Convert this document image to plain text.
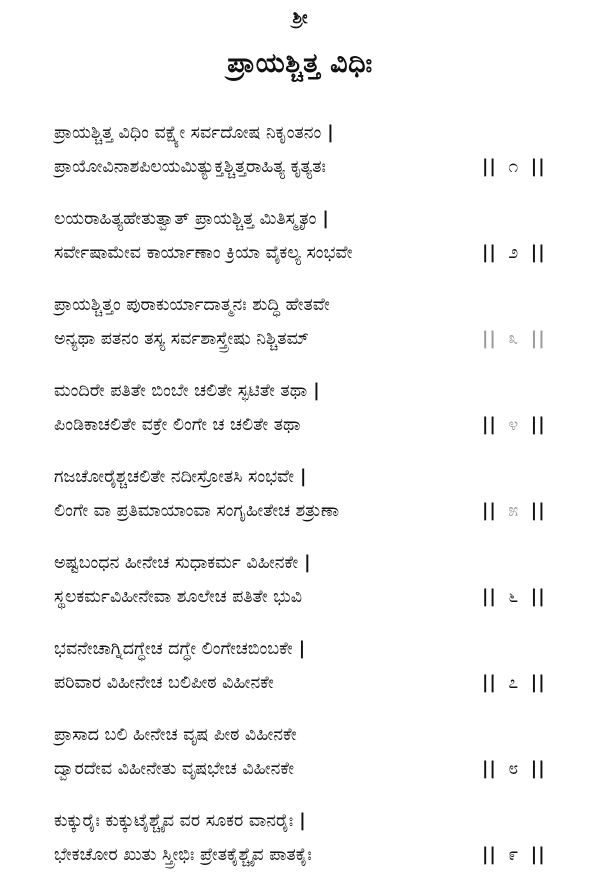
ಶ್ರೀ
ಪ್ರಾಯಶ್ಚಿತ್ತ ವಿಧಿಃ
ಪ್ರಾಯಶ್ಚಿತ್ತ ವಿಧಿಂ ವಕ್ಷ್ಯೇ ಸರ್ವದೋಷ ನಿಕೃಂತನಂ |
ಪ್ರಾಯೋವಿನಾಶಪಿಲಯಮಿತ್ಯುಕ್ತಶ್ಚಿತ್ತರಾಹಿತ್ಯ ಕೃತ್ಯತಃ	|| ೧ ||
ಲಯರಾಹಿತ್ಯಹೇತುತ್ವಾತ್ ಪ್ರಾಯಶ್ಚಿತ್ತ ಮಿತಿಸ್ಮೃತಂ |
ಸರ್ವೇಷಾಮೇವ ಕಾರ್ಯಾಣಾಂ ಕ್ರಿಯಾ ವೈಕಲ್ಯ ಸಂಭವೇ	|| ೨ ||
ಪ್ರಾಯಶ್ಚಿತ್ತಂ ಪುರಾಕುರ್ಯಾದಾತ್ಮನಃ ಶುದ್ಧಿ ಹೇತವೇ
ಅನ್ಯಥಾ ಪತನಂ ತಸ್ಯ ಸರ್ವಶಾಸ್ತ್ರೇಷು ನಿಶ್ಚಿತಮ್	|| ೩ ||
ಮಂದಿರೇ ಪತಿತೇ ಬಿಂಬೇ ಚಲಿತೇ ಸ್ಫಟಿತೇ ತಥಾ |
ಪಿಂಡಿಕಾಚಲಿತೇ ವಕ್ರೇ ಲಿಂಗೇ ಚ ಚಲಿತೇ ತಥಾ	|| ೪ ||
ಗಜಚೋರೈಶ್ಚಚಲಿತೇ ನದೀಸ್ರೋತಸಿ ಸಂಭವೇ |
ಲಿಂಗೇ ವಾ ಪ್ರತಿಮಾಯಾಂವಾ ಸಂಗೃಹೀತೇಚ ಶತ್ರುಣಾ	|| ೫ ||
ಅಷ್ಟಬಂಧನ ಹೀನೇಚ ಸುಧಾಕರ್ಮ ವಿಹೀನಕೇ |
ಸ್ಥಲಕರ್ಮವಿಹೀನೇವಾ ಶೂಲೇಚ ಪತಿತೇ ಭುವಿ	|| ೬ ||
ಭವನೇಚಾಗ್ನಿದಗ್ಧೇಚ ದಗ್ಧೇ ಲಿಂಗೇಚಬಿಂಬಕೇ |
ಪರಿವಾರ ವಿಹೀನೇಚ ಬಲಿಪೀಠ ವಿಹೀನಕೇ	|| ೭ ||
ಪ್ರಾಸಾದ ಬಲಿ ಹೀನೇಚ ವೃಷ ಪೀಠ ವಿಹೀನಕೇ
ದ್ವಾರದೇವ ವಿಹೀನೇತು ವೃಷಭೇಚ ವಿಹೀನಕೇ	|| ೮ ||
ಕುಕ್ಕುರೈಃ ಕುಕ್ಕುಟೈಶ್ಚೈವ ವರ ಸೂಕರ ವಾನರೈಃ |
ಭೇಕಚೋರ ಖುತು ಸ್ತ್ರೀಭಿಃ ಪ್ರೇತಕೈಶ್ಚೈವ ಪಾತಕೈಃ	|| ೯ ||
